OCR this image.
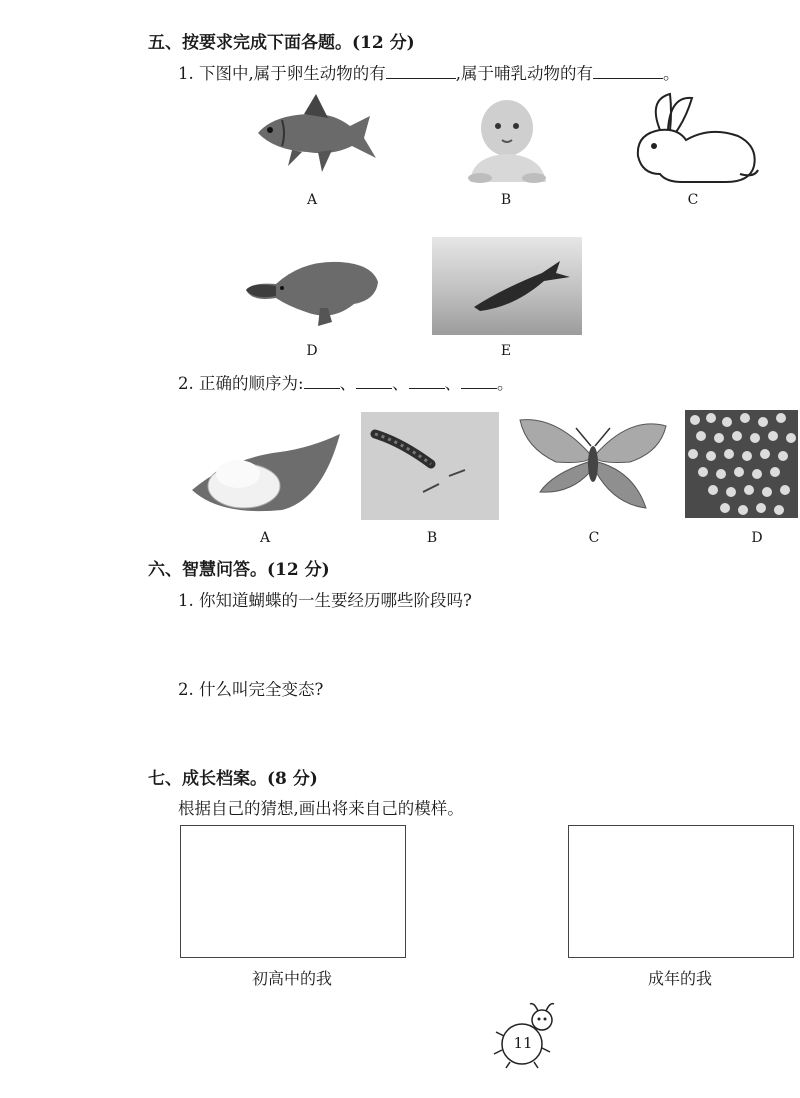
五、按要求完成下面各题。(12 分)
1. 下图中,属于卵生动物的有	,属于哺乳动物的有	。
A	B	C
D	E
2. 正确的顺序为: 、 、 、 。
A	B	C	D
六、智慧问答。(12 分)
1. 你知道蝴蝶的一生要经历哪些阶段吗?
2. 什么叫完全变态?
七、成长档案。(8 分)
根据自己的猜想,画出将来自己的模样。
初高中的我	成年的我
11
